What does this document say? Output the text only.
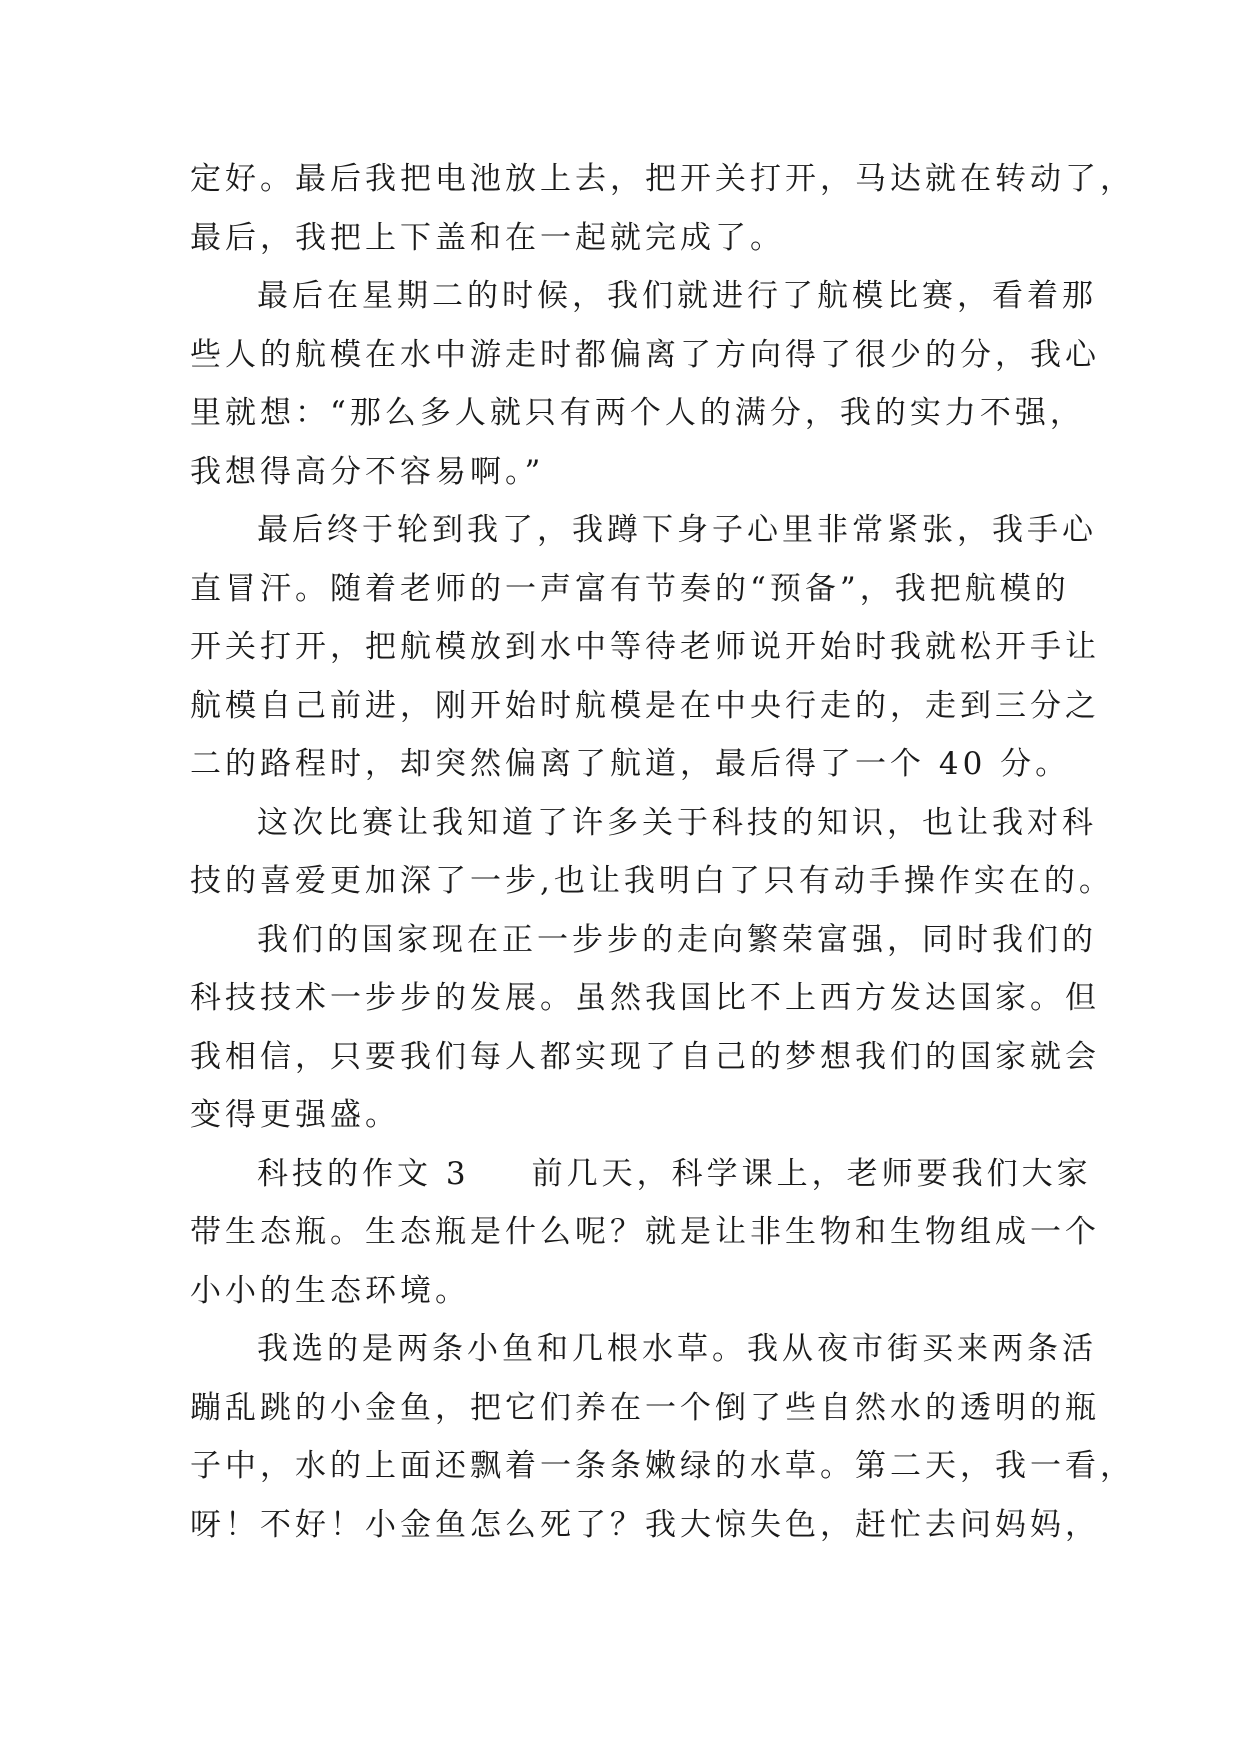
定好。最后我把电池放上去，把开关打开，马达就在转动了，
最后，我把上下盖和在一起就完成了。
最后在星期二的时候，我们就进行了航模比赛，看着那
些人的航模在水中游走时都偏离了方向得了很少的分，我心
里就想：“那么多人就只有两个人的满分，我的实力不强，
我想得高分不容易啊。”
最后终于轮到我了，我蹲下身子心里非常紧张，我手心
直冒汗。随着老师的一声富有节奏的“预备”，我把航模的
开关打开，把航模放到水中等待老师说开始时我就松开手让
航模自己前进，刚开始时航模是在中央行走的，走到三分之
二的路程时，却突然偏离了航道，最后得了一个 40 分。
这次比赛让我知道了许多关于科技的知识，也让我对科
技的喜爱更加深了一步,也让我明白了只有动手操作实在的。
我们的国家现在正一步步的走向繁荣富强，同时我们的
科技技术一步步的发展。虽然我国比不上西方发达国家。但
我相信，只要我们每人都实现了自己的梦想我们的国家就会
变得更强盛。
科技的作文 3 前几天，科学课上，老师要我们大家
带生态瓶。生态瓶是什么呢？就是让非生物和生物组成一个
小小的生态环境。
我选的是两条小鱼和几根水草。我从夜市街买来两条活
蹦乱跳的小金鱼，把它们养在一个倒了些自然水的透明的瓶
子中，水的上面还飘着一条条嫩绿的水草。第二天，我一看，
呀！不好！小金鱼怎么死了？我大惊失色，赶忙去问妈妈，
